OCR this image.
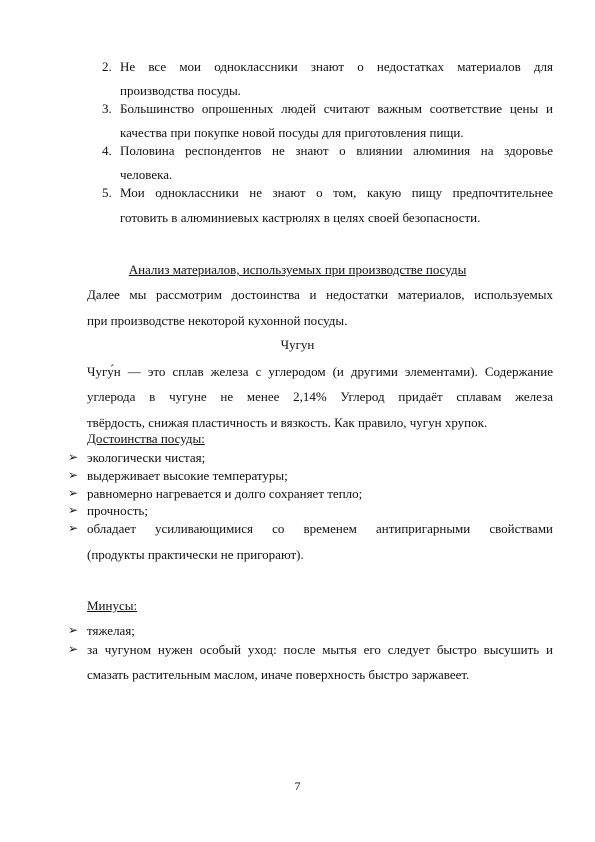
2. Не все мои одноклассники знают о недостатках материалов для
производства посуды.
3. Большинство опрошенных людей считают важным соответствие цены и
качества при покупке новой посуды для приготовления пищи.
4. Половина респондентов не знают о влиянии алюминия на здоровье
человека.
5. Мои одноклассники не знают о том, какую пищу предпочтительнее
готовить в алюминиевых кастрюлях в целях своей безопасности.
Анализ материалов, используемых при производстве посуды
Далее мы рассмотрим достоинства и недостатки материалов, используемых
при производстве некоторой кухонной посуды.
Чугун
Чугу́н — это сплав железа с углеродом (и другими элементами). Содержание
углерода в чугуне не менее 2,14% Углерод придаёт сплавам железа
твёрдость, снижая пластичность и вязкость. Как правило, чугун хрупок.
Достоинства посуды:
➢ экологически чистая;
➢ выдерживает высокие температуры;
➢ равномерно нагревается и долго сохраняет тепло;
➢ прочность;
➢ обладает усиливающимися со временем антипригарными свойствами
(продукты практически не пригорают).
Минусы:
➢ тяжелая;
➢ за чугуном нужен особый уход: после мытья его следует быстро высушить и
смазать растительным маслом, иначе поверхность быстро заржавеет.
7
